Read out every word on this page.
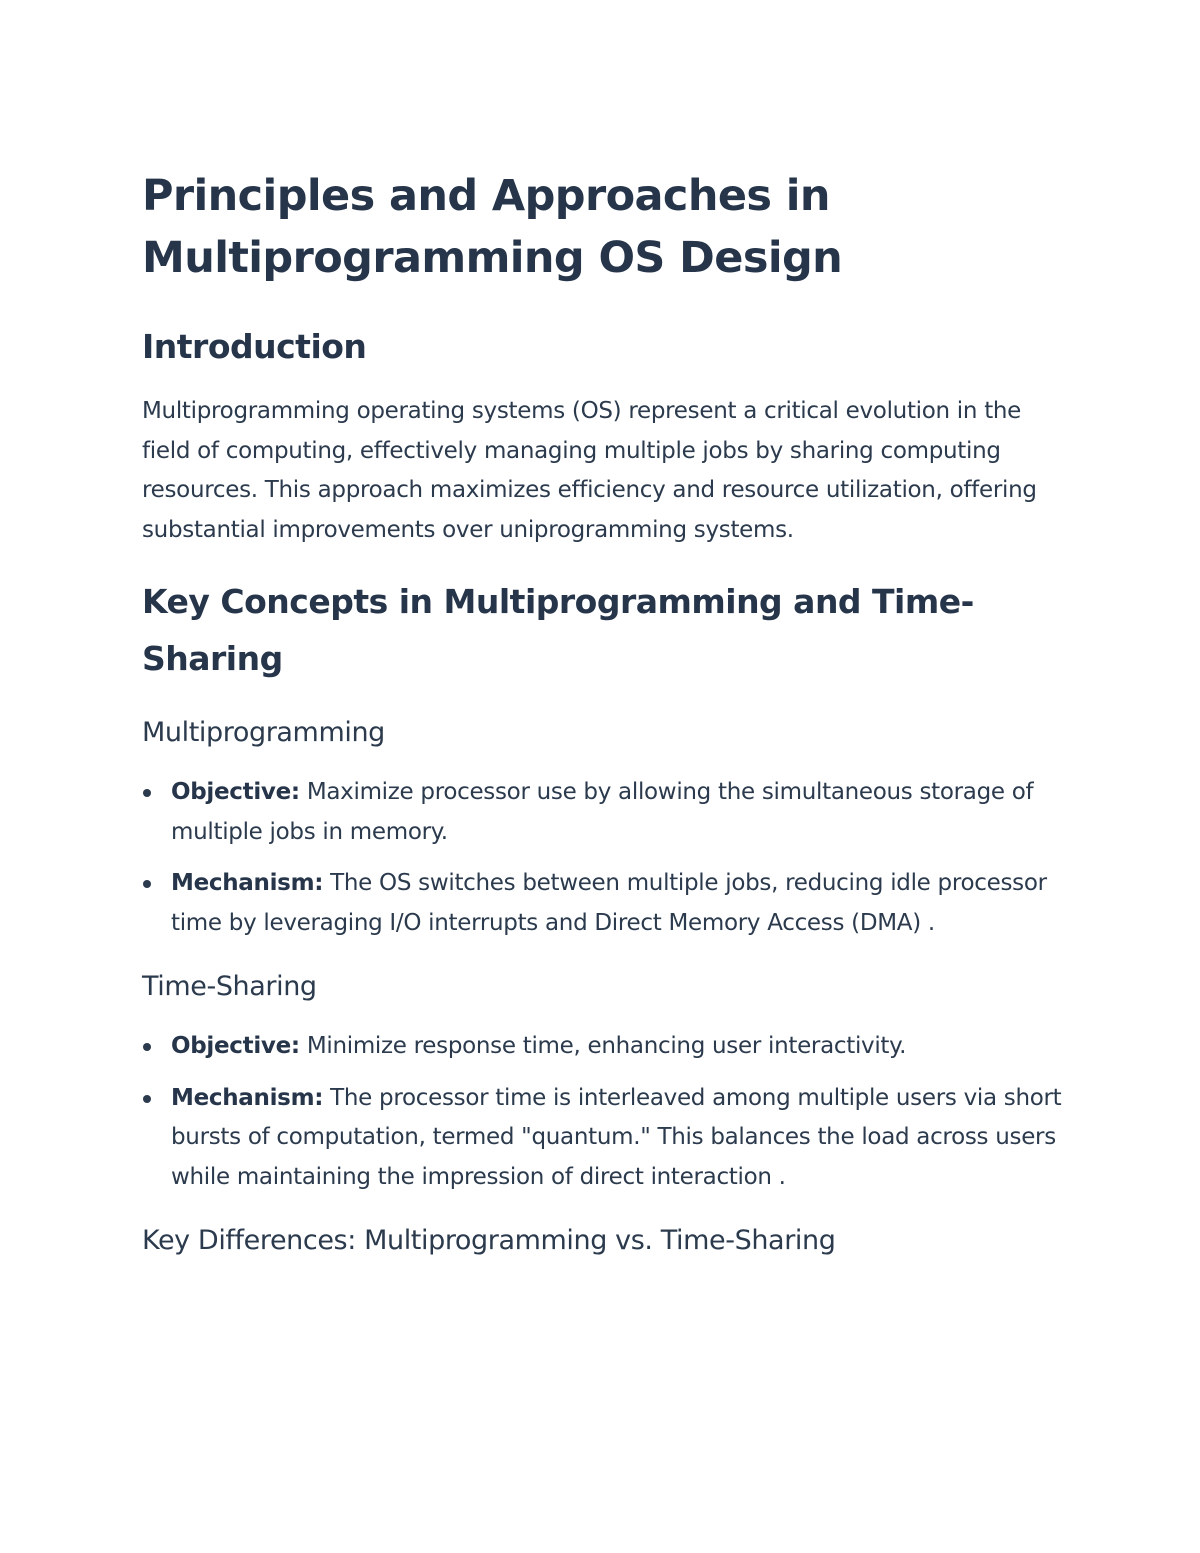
Principles and Approaches in
Multiprogramming OS Design
Introduction

Multiprogramming operating systems (OS) represent a critical evolution in the field of computing, effectively managing multiple jobs by sharing computing resources. This approach maximizes efficiency and resource utilization, offering substantial improvements over uniprogramming systems.

Key Concepts in Multiprogramming and Time-Sharing
Multiprogramming
Objective: Maximize processor use by allowing the simultaneous storage of multiple jobs in memory.
Mechanism: The OS switches between multiple jobs, reducing idle processor time by leveraging I/O interrupts and Direct Memory Access (DMA) .
Time-Sharing
Objective: Minimize response time, enhancing user interactivity.
Mechanism: The processor time is interleaved among multiple users via short bursts of computation, termed "quantum." This balances the load across users while maintaining the impression of direct interaction .
Key Differences: Multiprogramming vs. Time-Sharing
